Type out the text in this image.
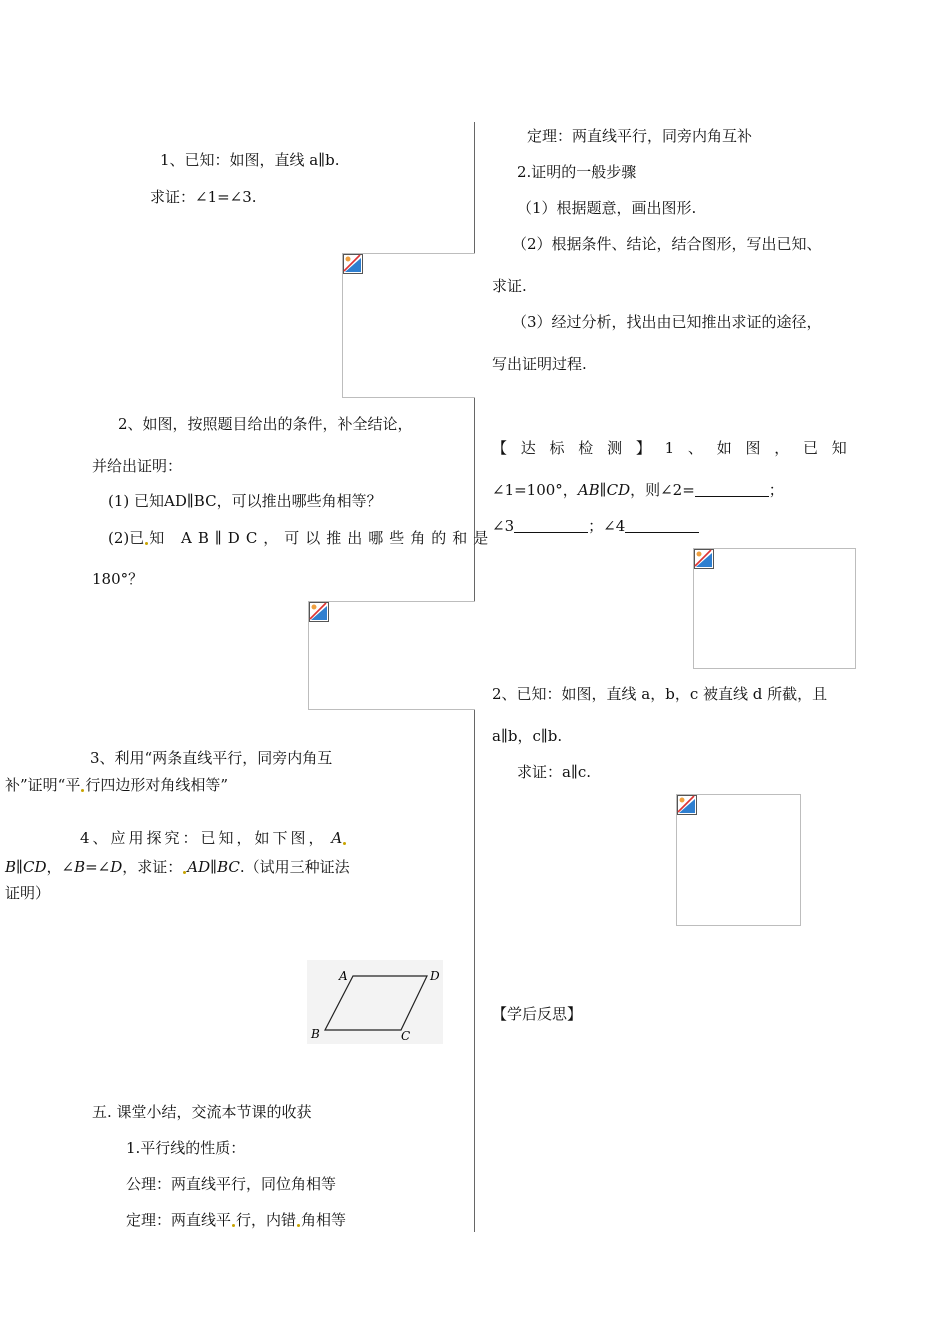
1、已知：如图，直线 a∥b.
求证：∠1=∠3.
2、如图，按照题目给出的条件，补全结论，
并给出证明：
(1) 已知AD∥BC，可以推出哪些角相等？
(2)已 知 AB∥DC，可以推出哪些角的和是
180°？
3、利用“两条直线平行，同旁内角互
补”证明“平 行四边形对角线相等”
4、应用探究：已知，如下图， A
B∥CD，∠B=∠D，求证： AD∥BC.（试用三种证法
证明）
A	D
B	C
五. 课堂小结，交流本节课的收获
1.平行线的性质：
公理：两直线平行，同位角相等
定理：两直线平 行，内错 角相等
定理：两直线平行，同旁内角互补
2.证明的一般步骤
（1）根据题意，画出图形.
（2）根据条件、结论，结合图形，写出已知、
求证.
（3）经过分析，找出由已知推出求证的途径，
写出证明过程.
【 达 标 检 测 】 1 、 如 图 ， 已 知
∠1=100°，AB∥CD，则∠2=	；
∠3	；∠4
2、已知：如图，直线 a，b，c 被直线 d 所截，且
a∥b，c∥b.
求证：a∥c.
【学后反思】
